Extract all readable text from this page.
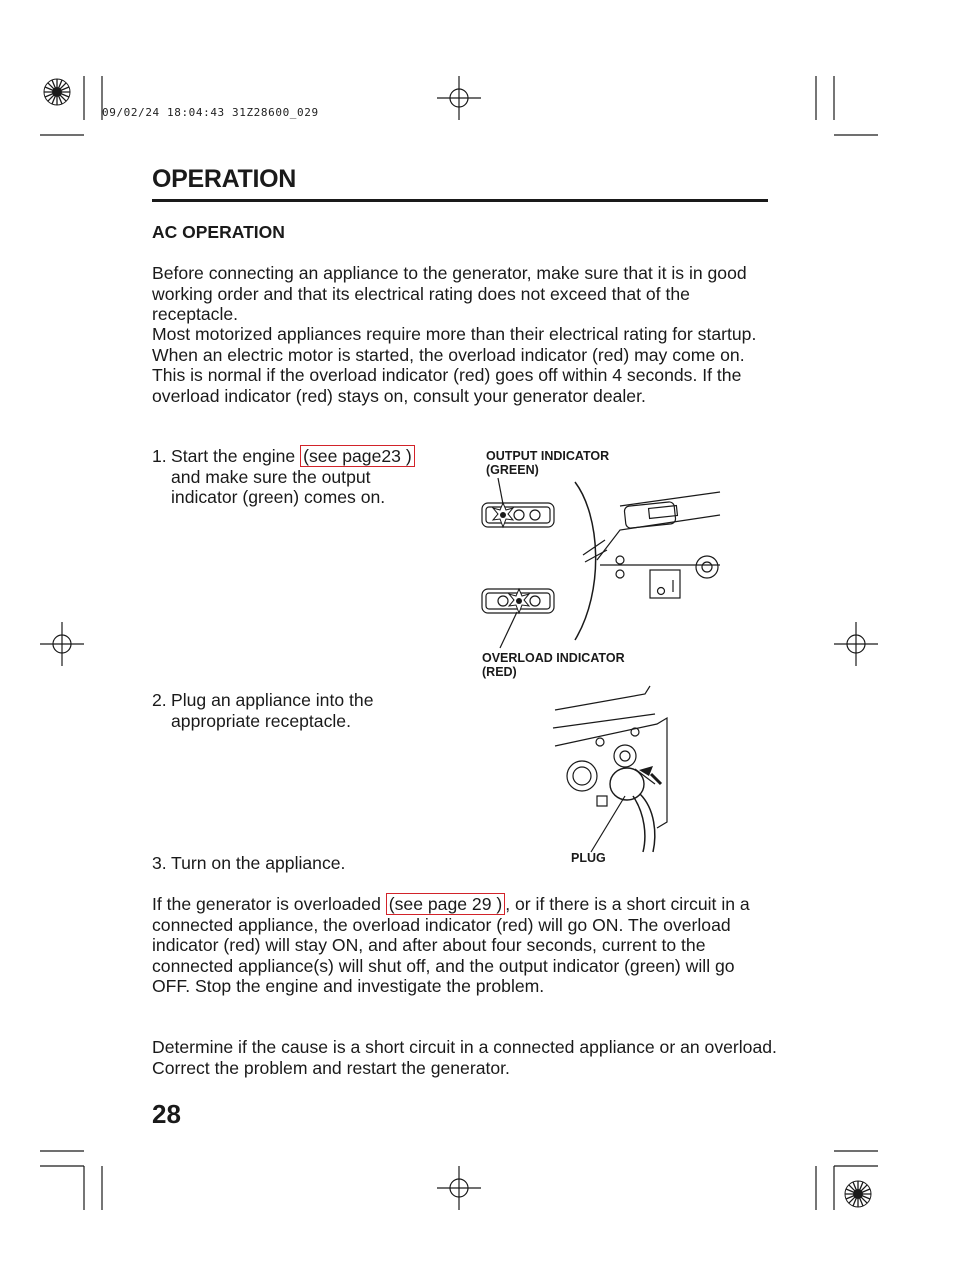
09/02/24 18:04:43 31Z28600_029
OPERATION
AC OPERATION

Before connecting an appliance to the generator, make sure that it is in good working order and that its electrical rating does not exceed that of the receptacle.

Most motorized appliances require more than their electrical rating for startup. When an electric motor is started, the overload indicator (red) may come on. This is normal if the overload indicator (red) goes off within 4 seconds. If the overload indicator (red) stays on, consult your generator dealer.

1. Start the engine (see page23 )
and make sure the output
indicator (green) comes on.
OUTPUT INDICATOR
(GREEN)
OVERLOAD INDICATOR
(RED)
2. Plug an appliance into the
appropriate receptacle.
PLUG
3. Turn on the appliance.

If the generator is overloaded (see page 29 ) , or if there is a short circuit in a connected appliance, the overload indicator (red) will go ON. The overload indicator (red) will stay ON, and after about four seconds, current to the connected appliance(s) will shut off, and the output indicator (green) will go OFF. Stop the engine and investigate the problem.

Determine if the cause is a short circuit in a connected appliance or an overload. Correct the problem and restart the generator.

28
